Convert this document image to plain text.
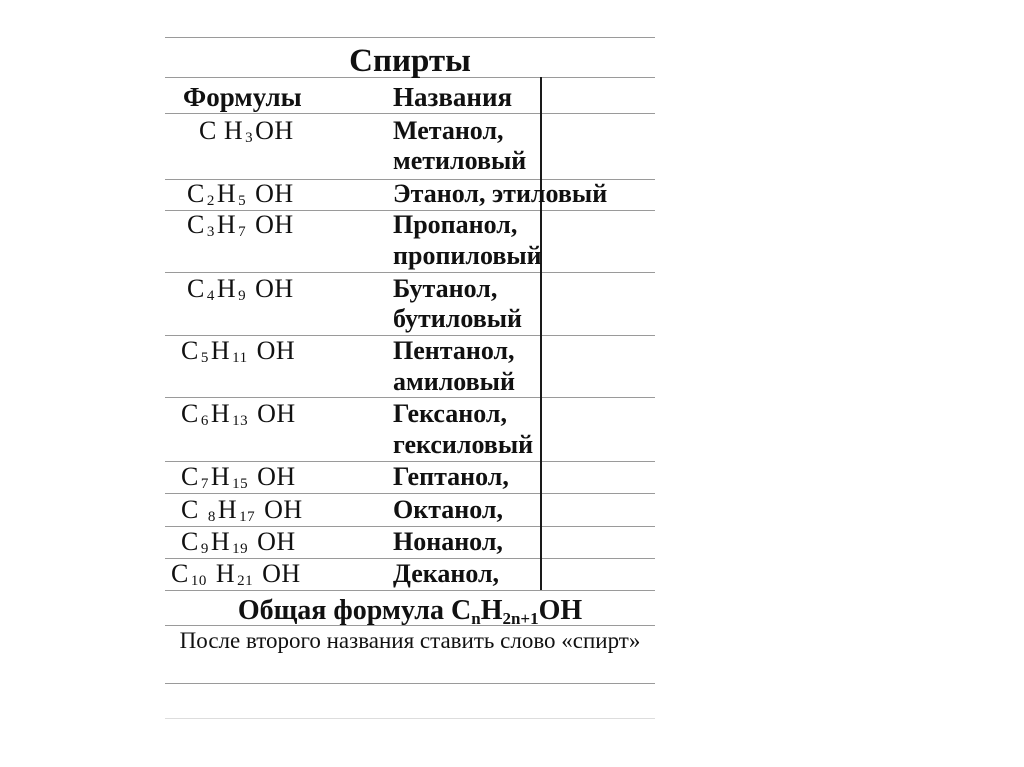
Спирты
Формулы	Названия
С Н $_3$ОН	Метанол,
метиловый
С $_2$Н $_5$ ОН	Этанол, этиловый
С $_3$Н $_7$ ОН	Пропанол,
пропиловый
С $_4$Н $_9$ ОН	Бутанол,
бутиловый
С $_5$Н $_{11}$ ОН	Пентанол,
амиловый
С $_6$Н $_{13}$ ОН	Гексанол,
гексиловый
С $_7$Н $_{15}$ ОН	Гептанол,
С $_8$Н $_{17}$ ОН	Октанол,
С $_9$Н $_{19}$ ОН	Нонанол,
С $_{10}$ Н $_{21}$ ОН	Деканол,
Общая формула $С_nН_{2n+1}ОН$
После второго названия ставить слово «спирт»
